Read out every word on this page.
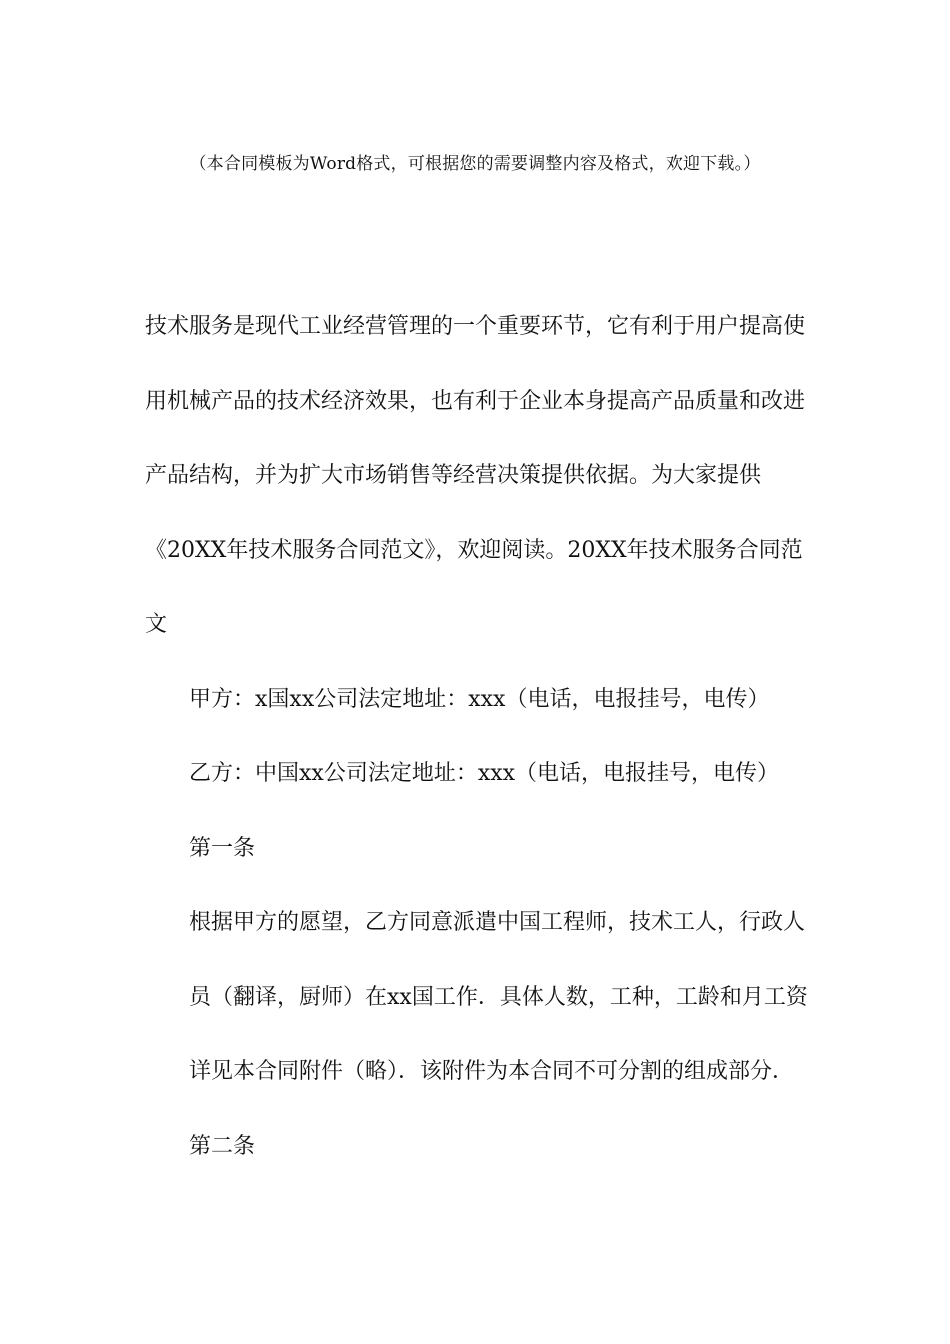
（本合同模板为Word格式，可根据您的需要调整内容及格式，欢迎下载。）

技术服务是现代工业经营管理的一个重要环节，它有利于用户提高使用机械产品的技术经济效果，也有利于企业本身提高产品质量和改进产品结构，并为扩大市场销售等经营决策提供依据。为大家提供《20XX年技术服务合同范文》，欢迎阅读。20XX年技术服务合同范文

甲方：x国xx公司法定地址：xxx（电话，电报挂号，电传）

乙方：中国xx公司法定地址：xxx（电话，电报挂号，电传）

第一条

根据甲方的愿望，乙方同意派遣中国工程师，技术工人，行政人员（翻译，厨师）在xx国工作．具体人数，工种，工龄和月工资详见本合同附件（略）．该附件为本合同不可分割的组成部分．

第二条
